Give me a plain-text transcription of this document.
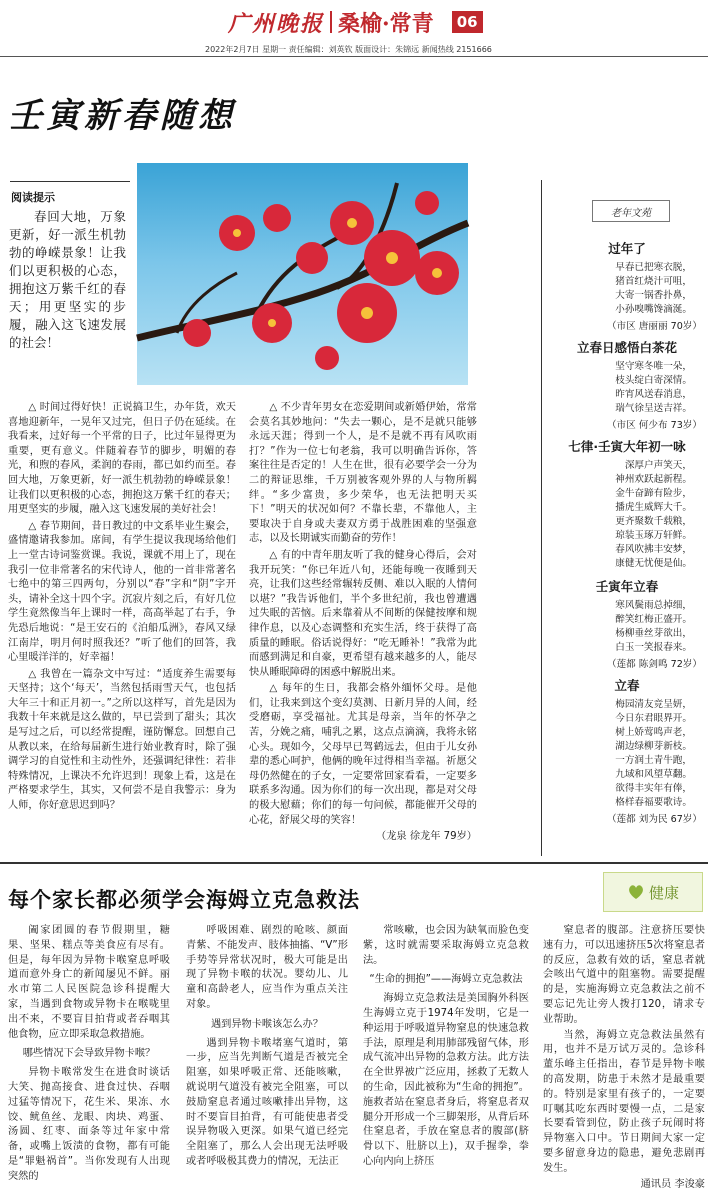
广州晚报 桑榆·常青	06
2022年2月7日 星期一 责任编辑：刘英钦 版面设计：朱锦远 新闻热线 2151666
壬寅新春随想
阅读提示
春回大地，万象更新，好一派生机勃勃的峥嵘景象！让我们以更积极的心态，拥抱这万紫千红的春天；用更坚实的步履，融入这飞速发展的社会！

△ 时间过得好快！正说搞卫生，办年货，欢天喜地迎新年，一晃年又过完，但日子仍在延续。在我看来，过好每一个平常的日子，比过年显得更为重要，更有意义。伴随着春节的脚步，明媚的春光，和煦的春风，柔润的春雨，都已如约而至。春回大地，万象更新，好一派生机勃勃的峥嵘景象！让我们以更积极的心态，拥抱这万紫千红的春天；用更坚实的步履，融入这飞速发展的美好社会！

△ 春节期间，昔日教过的中文系毕业生聚会，盛情邀请我参加。席间，有学生提议我现场给他们上一堂古诗词鉴赏课。我说，课就不用上了，现在我引一位非常著名的宋代诗人，他的一首非常著名七绝中的第三四两句，分别以“春”字和“阴”字开头，请补全这十四个字。沉寂片刻之后，有好几位学生竟然像当年上课时一样，高高举起了右手，争先恐后地说：“是王安石的《泊船瓜洲》，春风又绿江南岸，明月何时照我还？”听了他们的回答，我心里暖洋洋的，好幸福！

△ 我曾在一篇杂文中写过：“适度养生需要每天坚持；这个‘每天’，当然包括雨雪天气，也包括大年三十和正月初一。”之所以这样写，首先是因为我数十年来就是这么做的，早已尝到了甜头；其次是写过之后，可以经常提醒，谨防懈怠。回想自己从教以来，在给每届新生进行始业教育时，除了强调学习的自觉性和主动性外，还强调纪律性：若非特殊情况，上课决不允许迟到！现象上看，这是在严格要求学生，其实，又何尝不是自我警示：身为人师，你好意思迟到吗？

△ 不少青年男女在恋爱期间或新婚伊始，常常会莫名其妙地问：“失去一颗心，是不是就只能够永远天涯；得到一个人，是不是就不再有风吹雨打？”作为一位七旬老翁，我可以明确告诉你，答案往往是否定的！人生在世，很有必要学会一分为二的辩证思维，千万别被客观外界的人与物所羁绊。“多少富贵，多少荣华，也无法把明天买下！”明天的状况如何？不靠长辈，不靠他人，主要取决于自身或夫妻双方勇于战胜困难的坚强意志，以及长期诚实而勤奋的劳作！

△ 有的中青年朋友听了我的健身心得后，会对我开玩笑：“你已年近八旬，还能每晚一夜睡到天亮，让我们这些经常辗转反侧、难以入眠的人情何以堪？”我告诉他们，半个多世纪前，我也曾遭遇过失眠的苦恼。后来靠着从不间断的保健按摩和规律作息，以及心态调整和充实生活，终于获得了高质量的睡眠。俗话说得好：“吃无睡补！”我常为此而感到满足和自豪，更希望有越来越多的人，能尽快从睡眠障碍的困惑中解脱出来。

△ 每年的生日，我都会格外缅怀父母。是他们，让我来到这个变幻莫测、日新月异的人间，经受磨砺，享受福祉。尤其是母亲，当年的怀孕之苦，分娩之痛，哺乳之累，这点点滴滴，我将永铭心头。现如今，父母早已驾鹤远去，但由于儿女孙辈的悉心呵护，他俩的晚年过得相当幸福。祈愿父母仍然健在的子女，一定要常回家看看，一定要多联系多沟通。因为你们的每一次出现，都是对父母的极大慰藉；你们的每一句问候，都能催开父母的心花，舒展父母的笑容！

（龙泉 徐龙年 79岁）

老年文苑
过年了
早春已把寒衣脱，
猪首红烧汁可咀，
大寄一锅香扑鼻，
小孙嗅嘴馋滴涎。
（市区 唐丽丽 70岁）
立春日感悟白茶花
坚守寒冬唯一朵，
枝头绽白寄深情。
昨宵风送春消息，
瑞气徐呈送吉祥。
（市区 何少布 73岁）
七律·壬寅大年初一咏
深厚户声笑天，
神州欢跃起新程。
金牛奋蹄有险步，
播虎生威辉大千。
更齐聚数千载粮，
琼装玉琢万轩鲜。
春风吹拂丰安梦，
康健无忧便是仙。
壬寅年立春
寒风鬓雨总掉细，
醉笑红梅正盛开。
杨柳垂丝芽欲出，
白玉一笑报春来。
（莲都 陈剑鸣 72岁）
立春
梅园清友竞呈妍，
今日东君眼界开。
树上娇莺鸣声老，
湖边绿柳芽新枝。
一方润土青牛跑，
九域和风望草翻。
欲得丰实年有俸，
格样春福要歌诗。
（莲都 刘为民 67岁）
每个家长都必须学会海姆立克急救法	健康

阖家团圆的春节假期里，糖果、坚果、糕点等美食应有尽有。但是，每年因为异物卡喉窒息呼吸道而意外身亡的新闻屡见不鲜。丽水市第二人民医院急诊科提醒大家，当遇到食物或异物卡在喉咙里出不来，不要盲目拍背或者吞咽其他食物，应立即采取急救措施。

哪些情况下会导致异物卡喉？

异物卡喉常发生在进食时谈话大笑、抛高接食、进食过快、吞咽过猛等情况下，花生米、果冻、水饺、鱿鱼丝、龙眼、肉块、鸡蛋、汤圆、红枣、面条等过年家中常备，或嘴上饭渍的食物，都有可能是“罪魁祸首”。当你发现有人出现突然的

呼吸困难、剧烈的呛咳、颜面青紫、不能发声、肢体抽搐、“V”形手势等异常状况时，极大可能是出现了异物卡喉的状况。婴幼儿、儿童和高龄老人，应当作为重点关注对象。

遇到异物卡喉该怎么办？

遇到异物卡喉堵塞气道时，第一步，应当先判断气道是否被完全阻塞，如果呼吸正常、还能咳嗽，就说明气道没有被完全阻塞，可以鼓励窒息者通过咳嗽排出异物，这时不要盲目拍背，有可能使患者受误异物吸入更深。如果气道已经完全阻塞了，那么人会出现无法呼吸或者呼吸极其费力的情况，无法正

常咳嗽，也会因为缺氧而脸色变紫，这时就需要采取海姆立克急救法。

“生命的拥抱”——海姆立克急救法

海姆立克急救法是美国胸外科医生海姆立克于1974年发明，它是一种运用于呼吸道异物窒息的快速急救手法，原理是利用肺部残留气体，形成气流冲出异物的急救方法。此方法在全世界被广泛应用，拯救了无数人的生命，因此被称为“生命的拥抱”。施救者站在窒息者身后，将窒息者双腿分开形成一个三脚架形，从背后环住窒息者，手放在窒息者的腹部(脐骨以下、肚脐以上)，双手握拳，拳心向内向上挤压

窒息者的腹部。注意挤压要快速有力，可以迅速挤压5次将窒息者的反应，急救有效的话，窒息者就会咳出气道中的阻塞物。需要提醒的是，实施海姆立克急救法之前不要忘记先让旁人拨打120，请求专业帮助。

当然，海姆立克急救法虽然有用，也并不是万试万灵的。急诊科董乐峰主任指出，春节是异物卡喉的高发期，防患于未然才是最重要的。特别是家里有孩子的，一定要叮嘱其吃东西时要慢一点，二是家长要看管到位，防止孩子玩闹时将异物塞入口中。节日期间大家一定要多留意身边的隐患，避免悲剧再发生。

通讯员 李浚豪
